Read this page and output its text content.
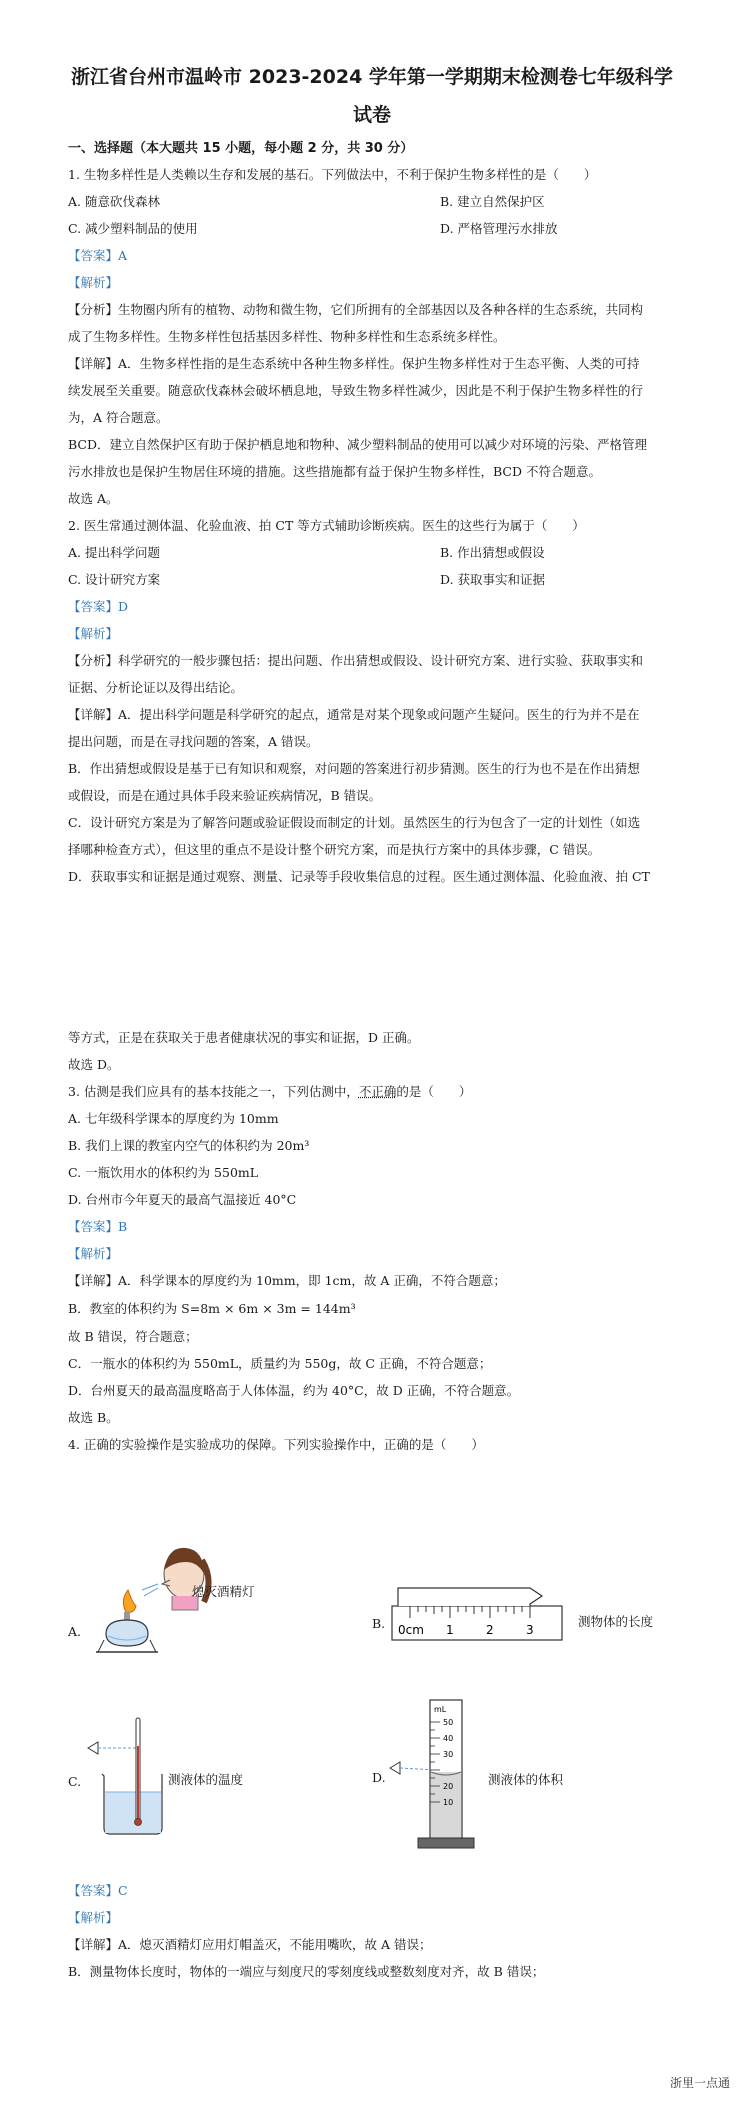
浙江省台州市温岭市 2023-2024 学年第一学期期末检测卷七年级科学
试卷
一、选择题（本大题共 15 小题，每小题 2 分，共 30 分）
1. 生物多样性是人类赖以生存和发展的基石。下列做法中，不利于保护生物多样性的是（　　）
A. 随意砍伐森林	B. 建立自然保护区
C. 减少塑料制品的使用	D. 严格管理污水排放
【答案】A
【解析】
【分析】生物圈内所有的植物、动物和微生物，它们所拥有的全部基因以及各种各样的生态系统，共同构
成了生物多样性。生物多样性包括基因多样性、物种多样性和生态系统多样性。
【详解】A．生物多样性指的是生态系统中各种生物多样性。保护生物多样性对于生态平衡、人类的可持
续发展至关重要。随意砍伐森林会破坏栖息地，导致生物多样性减少，因此是不利于保护生物多样性的行
为，A 符合题意。
BCD．建立自然保护区有助于保护栖息地和物种、减少塑料制品的使用可以减少对环境的污染、严格管理
污水排放也是保护生物居住环境的措施。这些措施都有益于保护生物多样性，BCD 不符合题意。
故选 A。
2. 医生常通过测体温、化验血液、拍 CT 等方式辅助诊断疾病。医生的这些行为属于（　　）
A. 提出科学问题	B. 作出猜想或假设
C. 设计研究方案	D. 获取事实和证据
【答案】D
【解析】
【分析】科学研究的一般步骤包括：提出问题、作出猜想或假设、设计研究方案、进行实验、获取事实和
证据、分析论证以及得出结论。
【详解】A．提出科学问题是科学研究的起点，通常是对某个现象或问题产生疑问。医生的行为并不是在
提出问题，而是在寻找问题的答案，A 错误。
B．作出猜想或假设是基于已有知识和观察，对问题的答案进行初步猜测。医生的行为也不是在作出猜想
或假设，而是在通过具体手段来验证疾病情况，B 错误。
C．设计研究方案是为了解答问题或验证假设而制定的计划。虽然医生的行为包含了一定的计划性（如选
择哪种检查方式），但这里的重点不是设计整个研究方案，而是执行方案中的具体步骤，C 错误。
D．获取事实和证据是通过观察、测量、记录等手段收集信息的过程。医生通过测体温、化验血液、拍 CT
等方式，正是在获取关于患者健康状况的事实和证据，D 正确。
故选 D。
3. 估测是我们应具有的基本技能之一，下列估测中，不正确的是（　　）
A. 七年级科学课本的厚度约为 10mm
B. 我们上课的教室内空气的体积约为 20m³
C. 一瓶饮用水的体积约为 550mL
D. 台州市今年夏天的最高气温接近 40°C
【答案】B
【解析】
【详解】A．科学课本的厚度约为 10mm，即 1cm，故 A 正确，不符合题意；
B．教室的体积约为 S=8m × 6m × 3m = 144m³
故 B 错误，符合题意；
C．一瓶水的体积约为 550mL，质量约为 550g，故 C 正确，不符合题意；
D．台州夏天的最高温度略高于人体体温，约为 40°C，故 D 正确，不符合题意。
故选 B。
4. 正确的实验操作是实验成功的保障。下列实验操作中，正确的是（　　）
A.
熄灭酒精灯
B. 0cm 1	2	3
测物体的长度
C.	测液体的温度	D.
mL
50
40
30
20
10
测液体的体积
【答案】C
【解析】
【详解】A．熄灭酒精灯应用灯帽盖灭，不能用嘴吹，故 A 错误；
B．测量物体长度时，物体的一端应与刻度尺的零刻度线或整数刻度对齐，故 B 错误；
浙里一点通
